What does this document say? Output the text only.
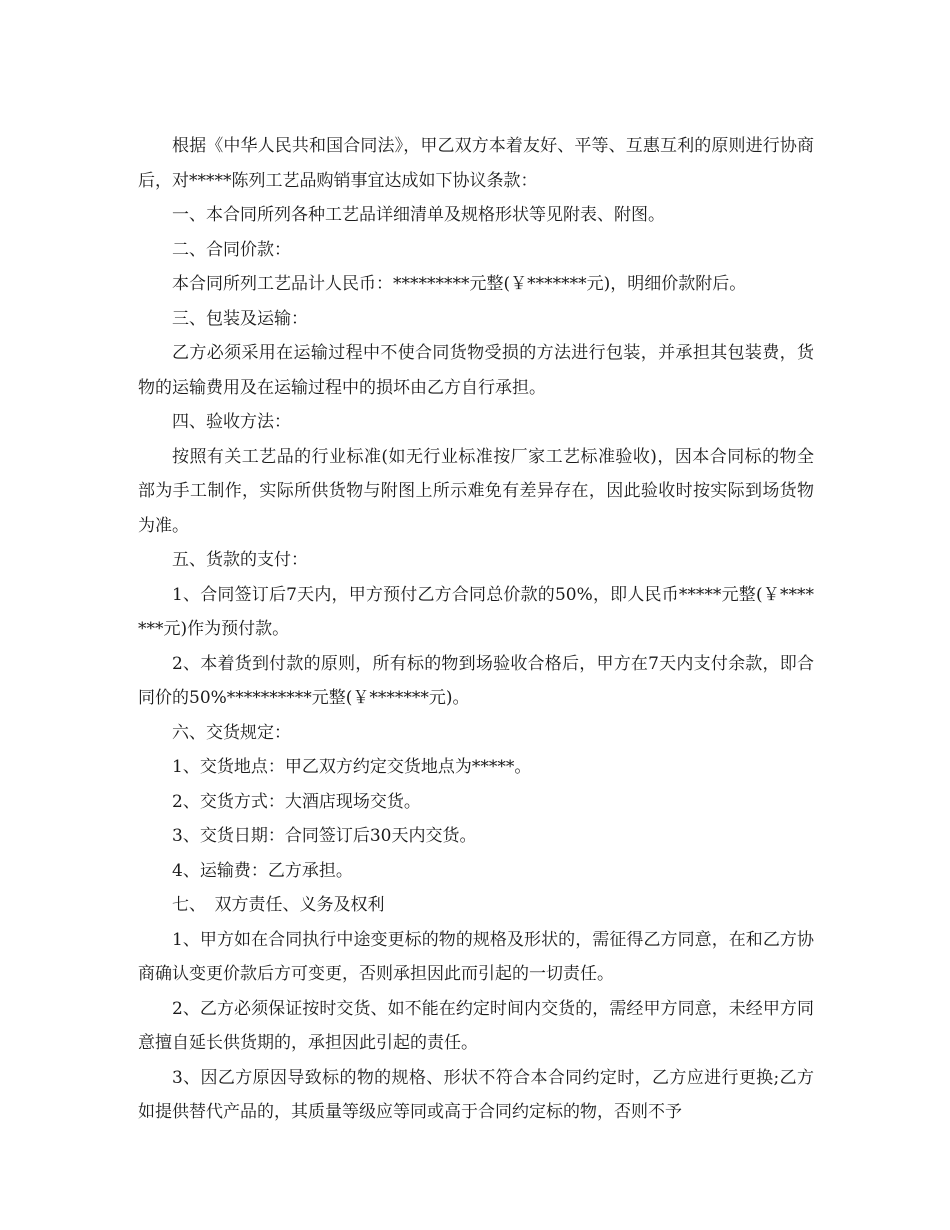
根据《中华人民共和国合同法》，甲乙双方本着友好、平等、互惠互利的原则进行协商后，对*****陈列工艺品购销事宜达成如下协议条款：

一、本合同所列各种工艺品详细清单及规格形状等见附表、附图。

二、合同价款：

本合同所列工艺品计人民币：*********元整(￥*******元)，明细价款附后。

三、包装及运输：

乙方必须采用在运输过程中不使合同货物受损的方法进行包装，并承担其包装费，货物的运输费用及在运输过程中的损坏由乙方自行承担。

四、验收方法：

按照有关工艺品的行业标准(如无行业标准按厂家工艺标准验收)，因本合同标的物全部为手工制作，实际所供货物与附图上所示难免有差异存在，因此验收时按实际到场货物为准。

五、货款的支付：

1、合同签订后7天内，甲方预付乙方合同总价款的50%，即人民币*****元整(￥*******元)作为预付款。

2、本着货到付款的原则，所有标的物到场验收合格后，甲方在7天内支付余款，即合同价的50%**********元整(￥*******元)。

六、交货规定：

1、交货地点：甲乙双方约定交货地点为*****。

2、交货方式：大酒店现场交货。

3、交货日期：合同签订后30天内交货。

4、运输费：乙方承担。

七、　双方责任、义务及权利

1、甲方如在合同执行中途变更标的物的规格及形状的，需征得乙方同意，在和乙方协商确认变更价款后方可变更，否则承担因此而引起的一切责任。

2、乙方必须保证按时交货、如不能在约定时间内交货的，需经甲方同意，未经甲方同意擅自延长供货期的，承担因此引起的责任。

3、因乙方原因导致标的物的规格、形状不符合本合同约定时，乙方应进行更换;乙方如提供替代产品的，其质量等级应等同或高于合同约定标的物，否则不予
